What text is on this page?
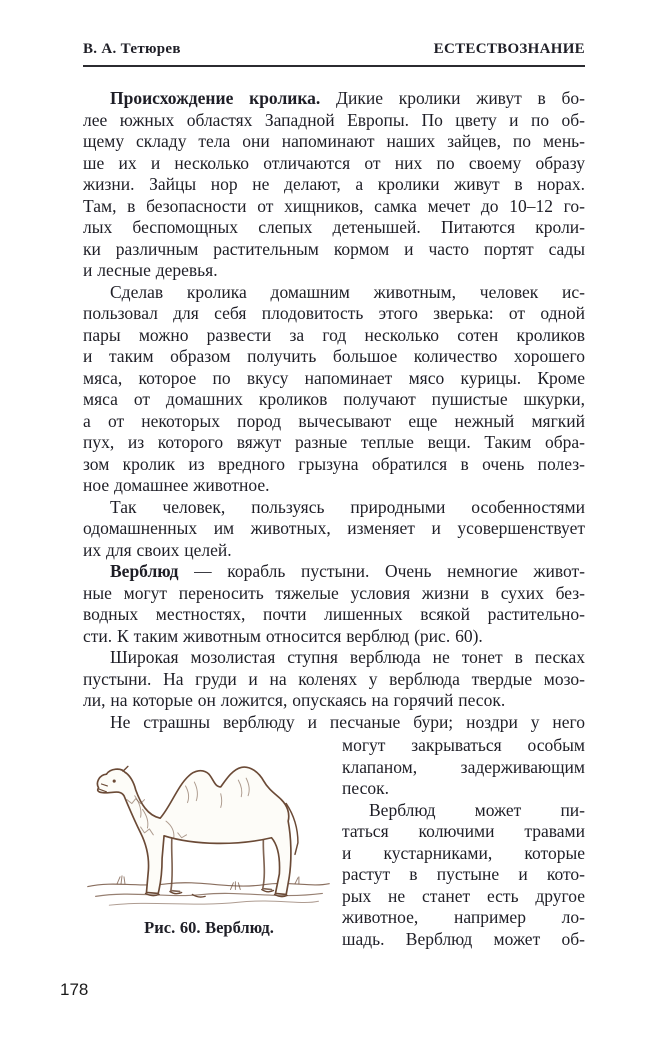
В. А. Тетюрев	ЕСТЕСТВОЗНАНИЕ
Происхождение кролика. Дикие кролики живут в бо-
лее южных областях Западной Европы. По цвету и по об-
щему складу тела они напоминают наших зайцев, по мень-
ше их и несколько отличаются от них по своему образу
жизни. Зайцы нор не делают, а кролики живут в норах.
Там, в безопасности от хищников, самка мечет до 10–12 го-
лых беспомощных слепых детенышей. Питаются кроли-
ки различным растительным кормом и часто портят сады
и лесные деревья.
Сделав кролика домашним животным, человек ис-
пользовал для себя плодовитость этого зверька: от одной
пары можно развести за год несколько сотен кроликов
и таким образом получить большое количество хорошего
мяса, которое по вкусу напоминает мясо курицы. Кроме
мяса от домашних кроликов получают пушистые шкурки,
а от некоторых пород вычесывают еще нежный мягкий
пух, из которого вяжут разные теплые вещи. Таким обра-
зом кролик из вредного грызуна обратился в очень полез-
ное домашнее животное.
Так человек, пользуясь природными особенностями
одомашненных им животных, изменяет и усовершенствует
их для своих целей.
Верблюд — корабль пустыни. Очень немногие живот-
ные могут переносить тяжелые условия жизни в сухих без-
водных местностях, почти лишенных всякой растительно-
сти. К таким животным относится верблюд (рис. 60).
Широкая мозолистая ступня верблюда не тонет в песках
пустыни. На груди и на коленях у верблюда твердые мозо-
ли, на которые он ложится, опускаясь на горячий песок.
Не страшны верблюду и песчаные бури; ноздри у него
Рис. 60. Верблюд.
могут закрываться особым
клапаном, задерживающим
песок.
Верблюд может пи-
таться колючими травами
и кустарниками, которые
растут в пустыне и кото-
рых не станет есть другое
животное, например ло-
шадь. Верблюд может об-
178
